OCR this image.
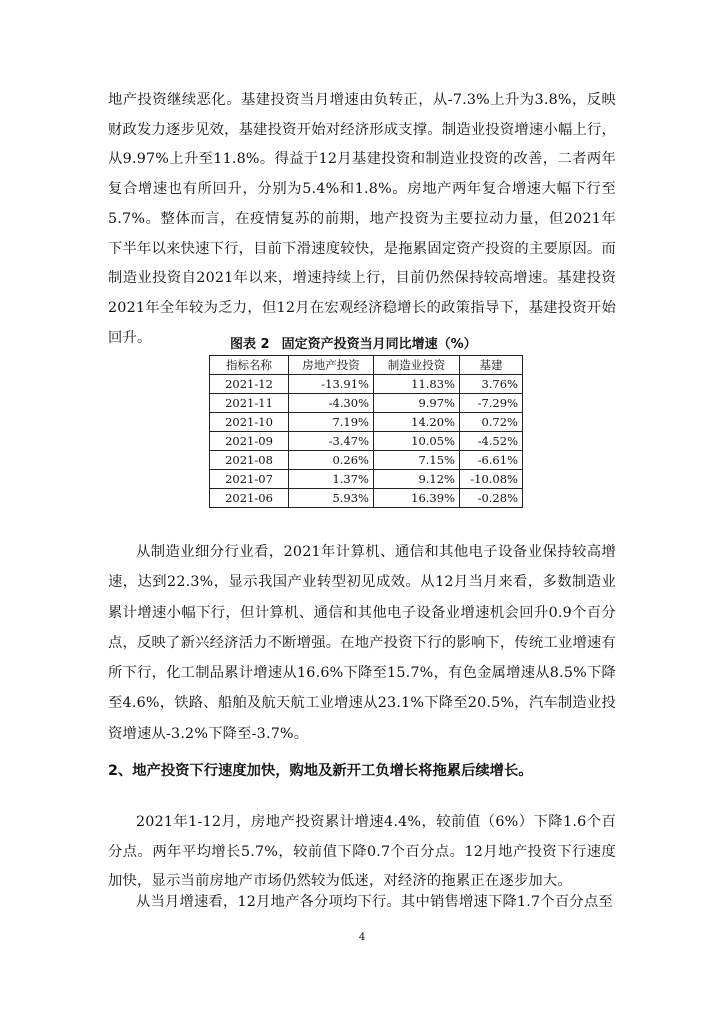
地产投资继续恶化。基建投资当月增速由负转正，从-7.3%上升为3.8%，反映财政发力逐步见效，基建投资开始对经济形成支撑。制造业投资增速小幅上行，从9.97%上升至11.8%。得益于12月基建投资和制造业投资的改善，二者两年复合增速也有所回升，分别为5.4%和1.8%。房地产两年复合增速大幅下行至5.7%。整体而言，在疫情复苏的前期，地产投资为主要拉动力量，但2021年下半年以来快速下行，目前下滑速度较快，是拖累固定资产投资的主要原因。而制造业投资自2021年以来，增速持续上行，目前仍然保持较高增速。基建投资2021年全年较为乏力，但12月在宏观经济稳增长的政策指导下，基建投资开始回升。	图表 2 固定资产投资当月同比增速（%）
指标名称	房地产投资	制造业投资	基建
2021-12	-13.91%	11.83%	3.76%
2021-11	-4.30%	9.97%	-7.29%
2021-10	7.19%	14.20%	0.72%
2021-09	-3.47%	10.05%	-4.52%
2021-08	0.26%	7.15%	-6.61%
2021-07	1.37%	9.12%	-10.08%
2021-06	5.93%	16.39%	-0.28%

从制造业细分行业看，2021年计算机、通信和其他电子设备业保持较高增速，达到22.3%，显示我国产业转型初见成效。从12月当月来看，多数制造业累计增速小幅下行，但计算机、通信和其他电子设备业增速机会回升0.9个百分点，反映了新兴经济活力不断增强。在地产投资下行的影响下，传统工业增速有所下行，化工制品累计增速从16.6%下降至15.7%，有色金属增速从8.5%下降至4.6%，铁路、船舶及航天航工业增速从23.1%下降至20.5%，汽车制造业投资增速从-3.2%下降至-3.7%。

2、地产投资下行速度加快，购地及新开工负增长将拖累后续增长。

2021年1-12月，房地产投资累计增速4.4%，较前值（6%）下降1.6个百分点。两年平均增长5.7%，较前值下降0.7个百分点。12月地产投资下行速度加快，显示当前房地产市场仍然较为低迷，对经济的拖累正在逐步加大。

从当月增速看，12月地产各分项均下行。其中销售增速下降1.7个百分点至

4
